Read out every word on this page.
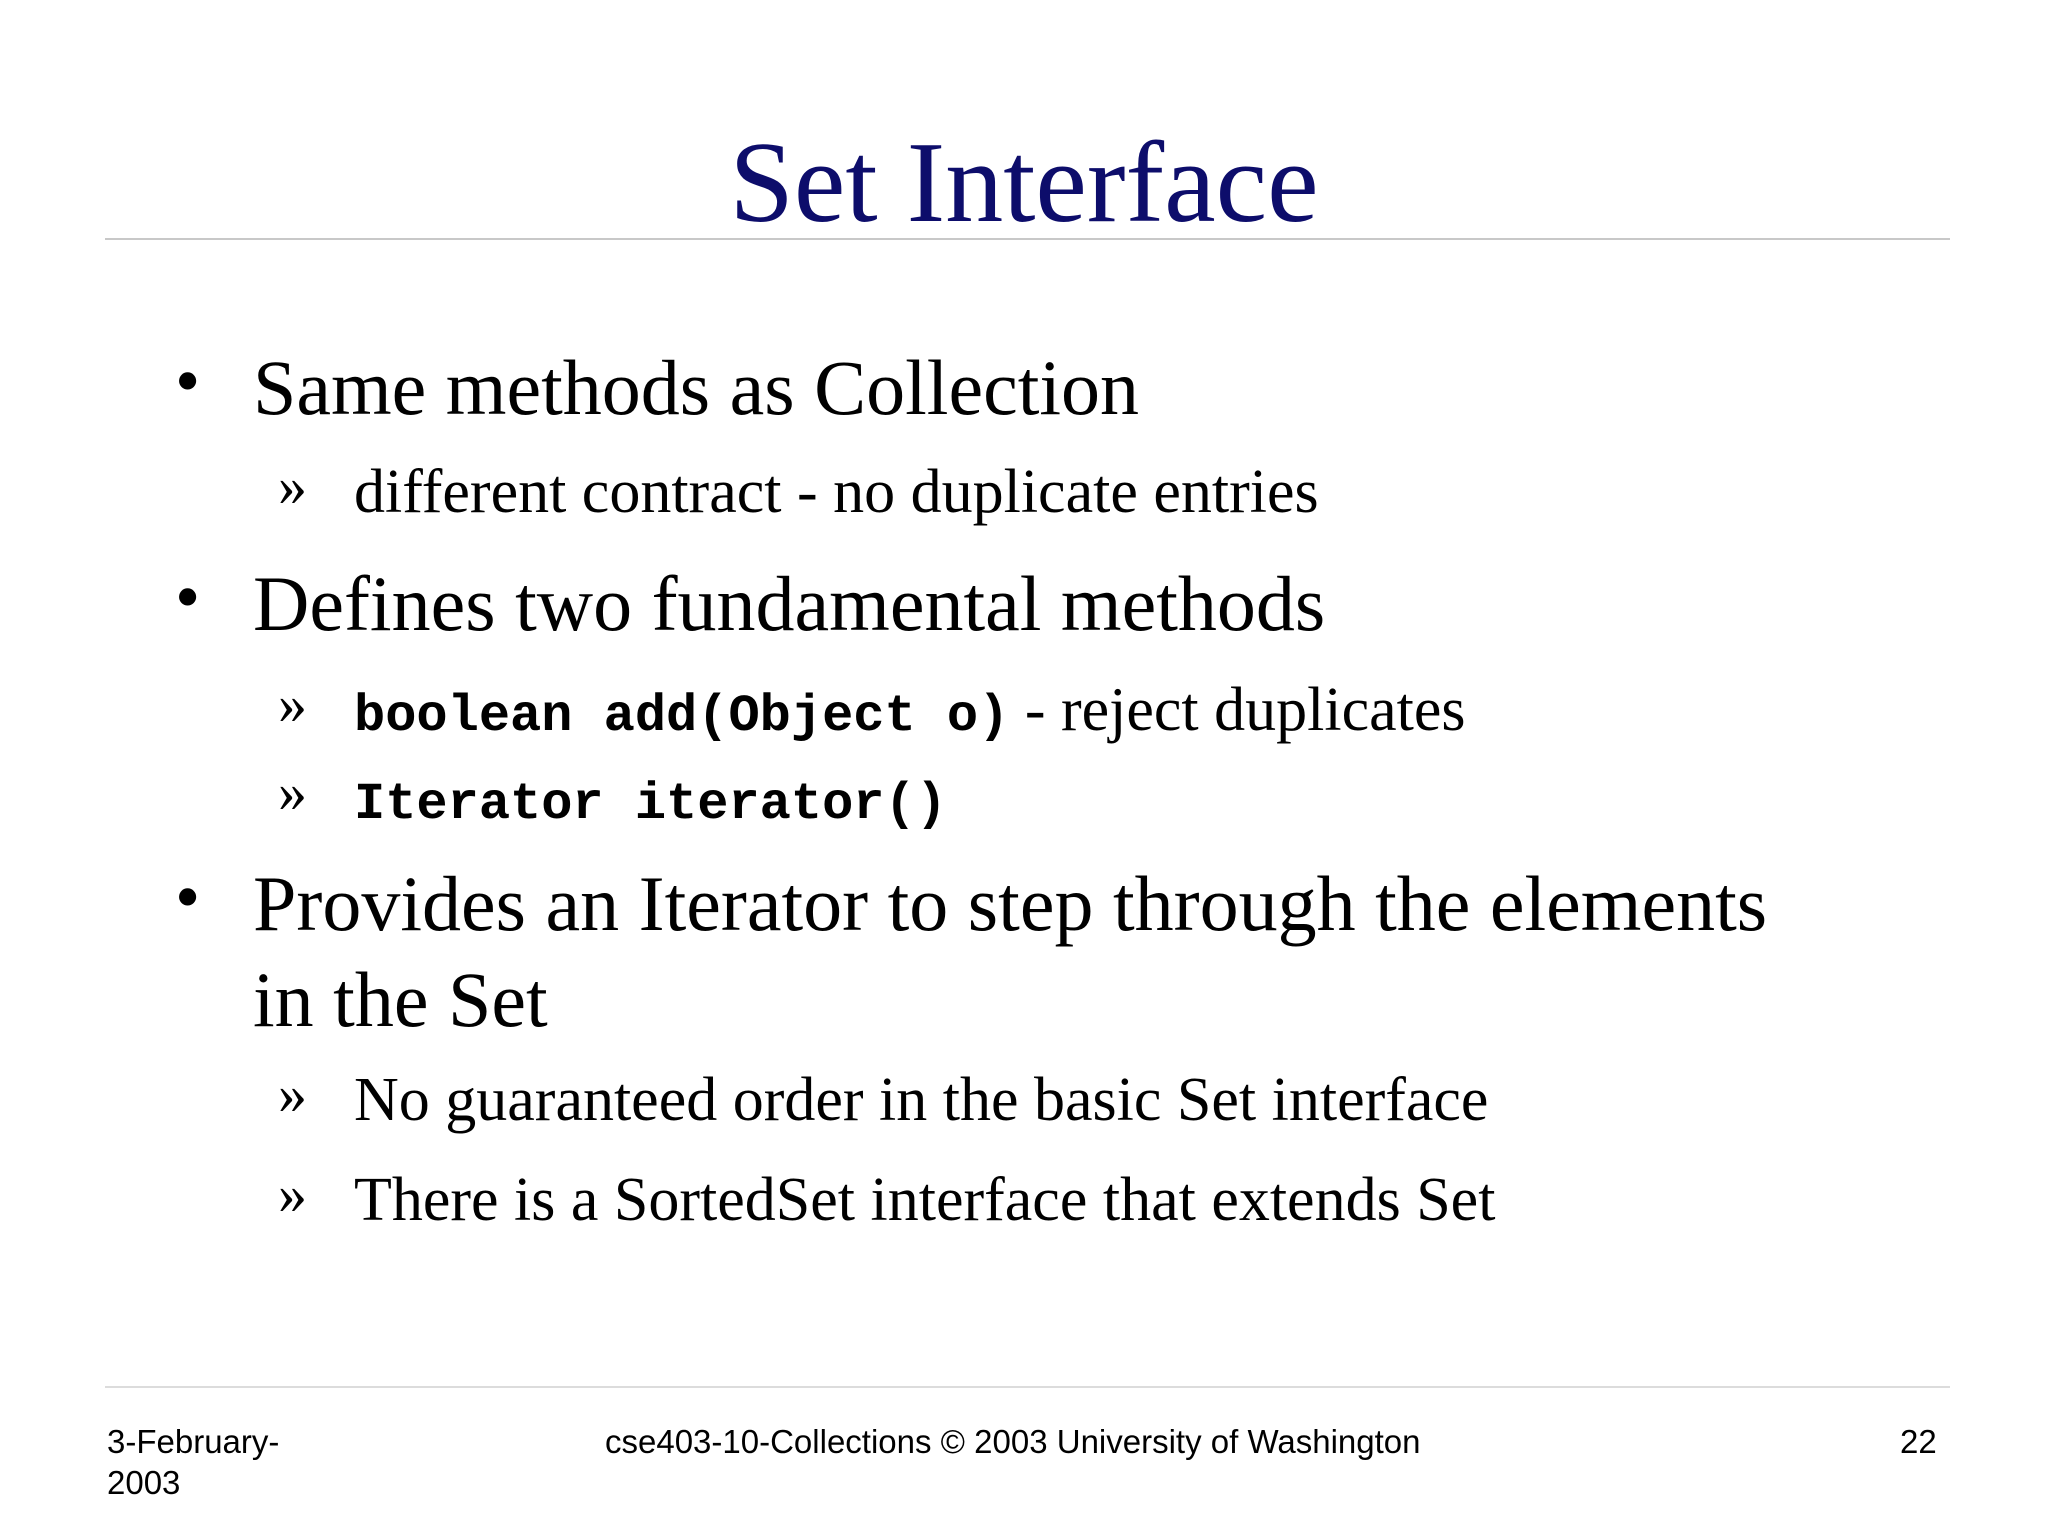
Set Interface
• Same methods as Collection
» different contract - no duplicate entries
• Defines two fundamental methods
» boolean add(Object o) - reject duplicates
» Iterator iterator()
• Provides an Iterator to step through the elements
in the Set
» No guaranteed order in the basic Set interface
» There is a SortedSet interface that extends Set
3-February-
2003
cse403-10-Collections © 2003 University of Washington	22
